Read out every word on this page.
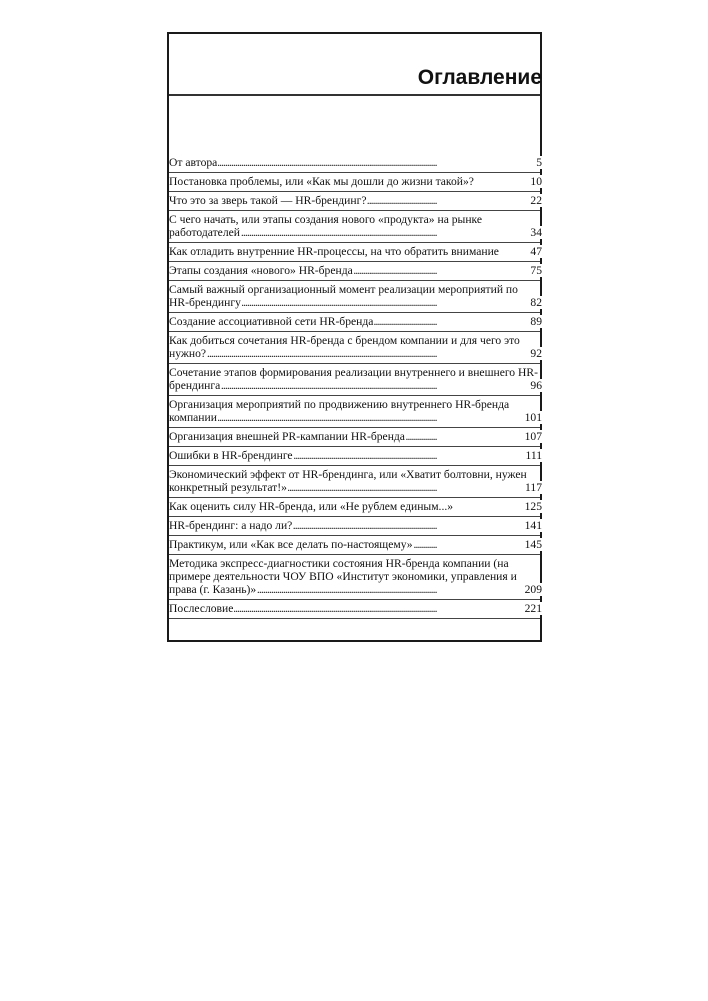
Оглавление
От автора	5
. . .
Постановка проблемы, или «Как мы дошли до жизни такой»?	10
. . .
Что это за зверь такой — HR-брендинг?	22
. . .
С чего начать, или этапы создания нового «продукта» на рынке работодателей	34
. . .
Как отладить внутренние HR-процессы, на что обратить внимание	47
. . .
Этапы создания «нового» HR-бренда	75
. . .
Самый важный организационный момент реализации мероприятий по HR-брендингу	82
. . .
Создание ассоциативной сети HR-бренда	89
. . .
Как добиться сочетания HR-бренда с брендом компании и для чего это нужно?	92
. . .
Сочетание этапов формирования реализации внутреннего и внешнего HR-брендинга	96
. . .
Организация мероприятий по продвижению внутреннего HR-бренда компании	101
. . .
Организация внешней PR-кампании HR-бренда	107
. . .
Ошибки в HR-брендинге	111
. . .
Экономический эффект от HR-брендинга, или «Хватит болтовни, нужен конкретный результат!»	117
. . .
Как оценить силу HR-бренда, или «Не рублем единым...»	125
. . .
HR-брендинг: а надо ли?	141
. . .
Практикум, или «Как все делать по-настоящему»	145
. . .
Методика экспресс-диагностики состояния HR-бренда компании (на примере деятельности ЧОУ ВПО «Институт экономики, управления и права (г. Казань)»	209
. . .
Послесловие	221
. . .
